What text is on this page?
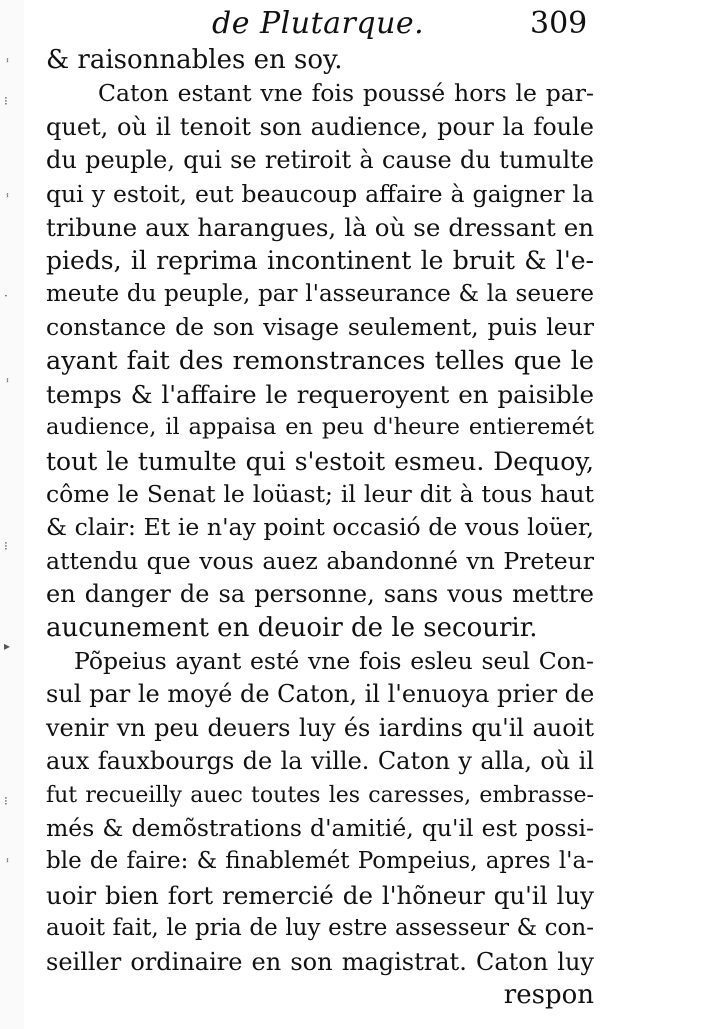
ⸯ
⁝
ⸯ
·
ⸯ
⁝
▸
⁝
ⸯ
de Plutarque.	309
& raisonnables en soy.
Caton estant vne fois poussé hors le par-
quet, où il tenoit son audience, pour la foule
du peuple, qui se retiroit à cause du tumulte
qui y estoit, eut beaucoup affaire à gaigner la
tribune aux harangues, là où se dressant en
pieds, il reprima incontinent le bruit & l'e-
meute du peuple, par l'asseurance & la seuere
constance de son visage seulement, puis leur
ayant fait des remonstrances telles que le
temps & l'affaire le requeroyent en paisible
audience, il appaisa en peu d'heure entieremét
tout le tumulte qui s'estoit esmeu. Dequoy,
côme le Senat le loüast; il leur dit à tous haut
& clair: Et ie n'ay point occasió de vous loüer,
attendu que vous auez abandonné vn Preteur
en danger de sa personne, sans vous mettre
aucunement en deuoir de le secourir.
Põpeius ayant esté vne fois esleu seul Con-
sul par le moyé de Caton, il l'enuoya prier de
venir vn peu deuers luy és iardins qu'il auoit
aux fauxbourgs de la ville. Caton y alla, où il
fut recueilly auec toutes les caresses, embrasse-
més & demõstrations d'amitié, qu'il est possi-
ble de faire: & finablemét Pompeius, apres l'a-
uoir bien fort remercié de l'hõneur qu'il luy
auoit fait, le pria de luy estre assesseur & con-
seiller ordinaire en son magistrat. Caton luy
respon
